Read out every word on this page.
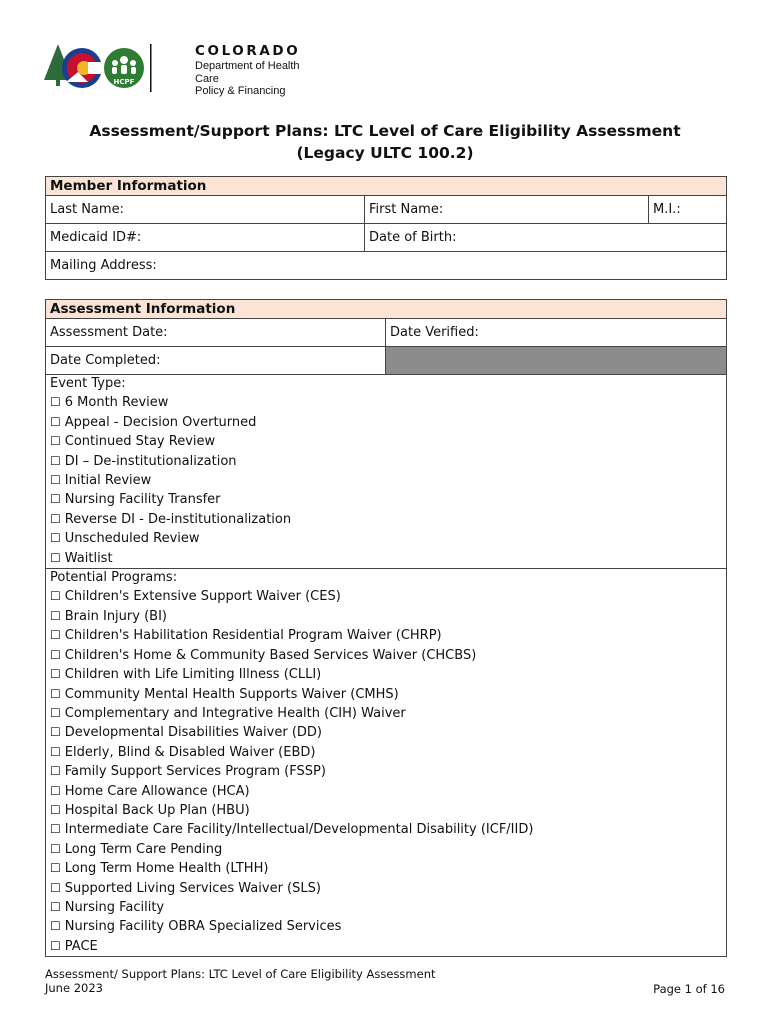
HCPF
COLORADO
Department of Health Care
Policy & Financing
Assessment/Support Plans: LTC Level of Care Eligibility Assessment
(Legacy ULTC 100.2)
Member Information
Last Name:	First Name:	M.I.:
Medicaid ID#:	Date of Birth:
Mailing Address:
Assessment Information
Assessment Date:	Date Verified:
Date Completed:
Event Type:
☐ 6 Month Review
☐ Appeal - Decision Overturned
☐ Continued Stay Review
☐ DI – De-institutionalization
☐ Initial Review
☐ Nursing Facility Transfer
☐ Reverse DI - De-institutionalization
☐ Unscheduled Review
☐ Waitlist
Potential Programs:
☐ Children's Extensive Support Waiver (CES)
☐ Brain Injury (BI)
☐ Children's Habilitation Residential Program Waiver (CHRP)
☐ Children's Home & Community Based Services Waiver (CHCBS)
☐ Children with Life Limiting Illness (CLLI)
☐ Community Mental Health Supports Waiver (CMHS)
☐ Complementary and Integrative Health (CIH) Waiver
☐ Developmental Disabilities Waiver (DD)
☐ Elderly, Blind & Disabled Waiver (EBD)
☐ Family Support Services Program (FSSP)
☐ Home Care Allowance (HCA)
☐ Hospital Back Up Plan (HBU)
☐ Intermediate Care Facility/Intellectual/Developmental Disability (ICF/IID)
☐ Long Term Care Pending
☐ Long Term Home Health (LTHH)
☐ Supported Living Services Waiver (SLS)
☐ Nursing Facility
☐ Nursing Facility OBRA Specialized Services
☐ PACE
Assessment/ Support Plans: LTC Level of Care Eligibility Assessment
June 2023	Page 1 of 16
